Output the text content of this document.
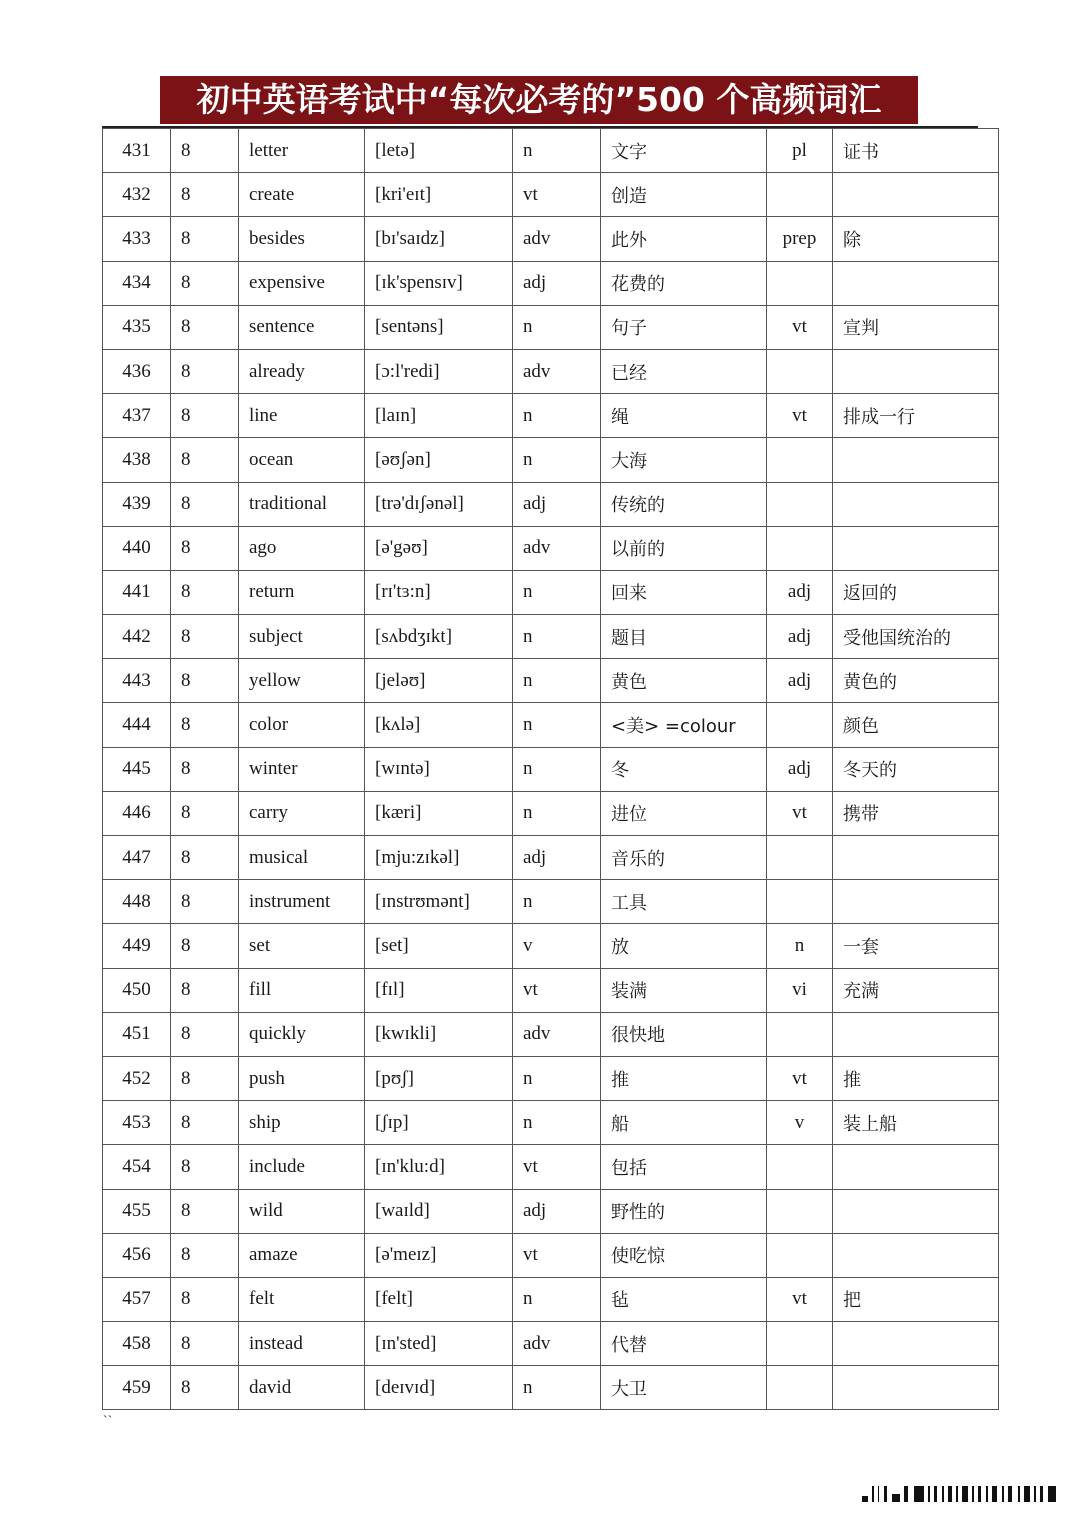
初中英语考试中“每次必考的”500 个高频词汇
431	8	letter	[letə]	n	文字	pl	证书
432	8	create	[kri'eɪt]	vt	创造		
433	8	besides	[bɪ'saɪdz]	adv	此外	prep	除
434	8	expensive	[ɪk'spensɪv]	adj	花费的		
435	8	sentence	[sentəns]	n	句子	vt	宣判
436	8	already	[ɔ:l'redi]	adv	已经		
437	8	line	[laɪn]	n	绳	vt	排成一行
438	8	ocean	[əʊʃən]	n	大海		
439	8	traditional	[trə'dɪʃənəl]	adj	传统的		
440	8	ago	[ə'gəʊ]	adv	以前的		
441	8	return	[rɪ'tɜ:n]	n	回来	adj	返回的
442	8	subject	[sʌbdʒɪkt]	n	题目	adj	受他国统治的
443	8	yellow	[jeləʊ]	n	黄色	adj	黄色的
444	8	color	[kʌlə]	n	<美> =colour		颜色
445	8	winter	[wɪntə]	n	冬	adj	冬天的
446	8	carry	[kæri]	n	进位	vt	携带
447	8	musical	[mju:zɪkəl]	adj	音乐的		
448	8	instrument	[ɪnstrʊmənt]	n	工具		
449	8	set	[set]	v	放	n	一套
450	8	fill	[fɪl]	vt	装满	vi	充满
451	8	quickly	[kwɪkli]	adv	很快地		
452	8	push	[pʊʃ]	n	推	vt	推
453	8	ship	[ʃɪp]	n	船	v	装上船
454	8	include	[ɪn'klu:d]	vt	包括		
455	8	wild	[waɪld]	adj	野性的		
456	8	amaze	[ə'meɪz]	vt	使吃惊		
457	8	felt	[felt]	n	毡	vt	把
458	8	instead	[ɪn'sted]	adv	代替		
459	8	david	[deɪvɪd]	n	大卫		
``
